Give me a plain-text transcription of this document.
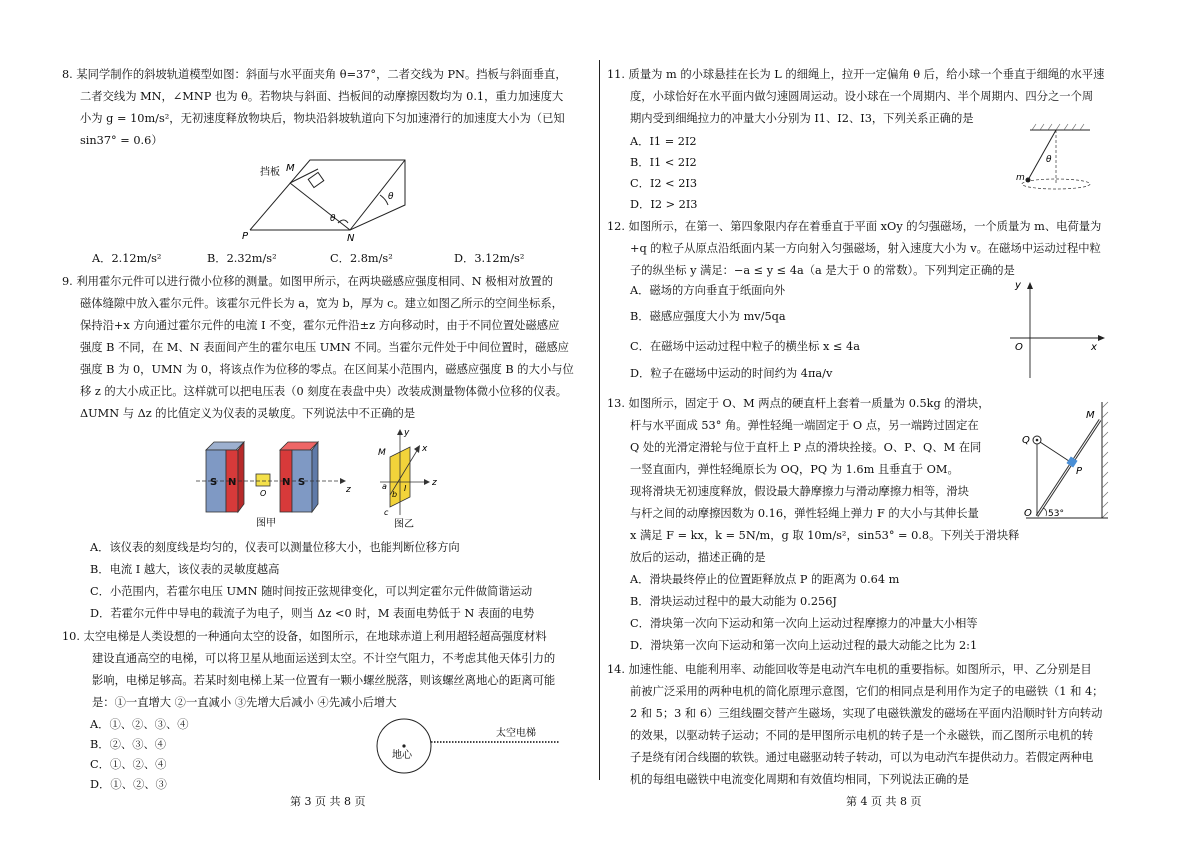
8. 某同学制作的斜坡轨道模型如图：斜面与水平面夹角 θ=37°，二者交线为 PN。挡板与斜面垂直，
二者交线为 MN，∠MNP 也为 θ。若物块与斜面、挡板间的动摩擦因数均为 0.1，重力加速度大
小为 g = 10m/s²，无初速度释放物块后，物块沿斜坡轨道向下匀加速滑行的加速度大小为（已知
sin37° = 0.6）
挡板 M
P	N
θ
θ
A．2.12m/s²	B．2.32m/s²	C．2.8m/s²	D．3.12m/s²
9. 利用霍尔元件可以进行微小位移的测量。如图甲所示，在两块磁感应强度相同、N 极相对放置的
磁体缝隙中放入霍尔元件。该霍尔元件长为 a，宽为 b，厚为 c。建立如图乙所示的空间坐标系，
保持沿+x 方向通过霍尔元件的电流 I 不变，霍尔元件沿±z 方向移动时，由于不同位置处磁感应
强度 B 不同，在 M、N 表面间产生的霍尔电压 UMN 不同。当霍尔元件处于中间位置时，磁感应
强度 B 为 0，UMN 为 0，将该点作为位移的零点。在区间某小范围内，磁感应强度 B 的大小与位
移 z 的大小成正比。这样就可以把电压表（0 刻度在表盘中央）改装成测量物体微小位移的仪表。
ΔUMN 与 Δz 的比值定义为仪表的灵敏度。下列说法中不正确的是
S N	N S
O	z
图甲
y
x
z
M
a
b
c
I
图乙
A．该仪表的刻度线是均匀的，仪表可以测量位移大小，也能判断位移方向
B．电流 I 越大，该仪表的灵敏度越高
C．小范围内，若霍尔电压 UMN 随时间按正弦规律变化，可以判定霍尔元件做简谐运动
D．若霍尔元件中导电的载流子为电子，则当 Δz <0 时，M 表面电势低于 N 表面的电势
10. 太空电梯是人类设想的一种通向太空的设备，如图所示，在地球赤道上利用超轻超高强度材料
建设直通高空的电梯，可以将卫星从地面运送到太空。不计空气阻力，不考虑其他天体引力的
影响，电梯足够高。若某时刻电梯上某一位置有一颗小螺丝脱落，则该螺丝离地心的距离可能
是：①一直增大 ②一直减小 ③先增大后减小 ④先减小后增大
A．①、②、③、④
B．②、③、④
C．①、②、④
D．①、②、③
地心
太空电梯
第 3 页 共 8 页
11. 质量为 m 的小球悬挂在长为 L 的细绳上，拉开一定偏角 θ 后，给小球一个垂直于细绳的水平速
度，小球恰好在水平面内做匀速圆周运动。设小球在一个周期内、半个周期内、四分之一个周
期内受到细绳拉力的冲量大小分别为 I1、I2、I3，下列关系正确的是
A．I1 = 2I2
B．I1 < 2I2
C．I2 < 2I3
D．I2 > 2I3
θ
m
12. 如图所示，在第一、第四象限内存在着垂直于平面 xOy 的匀强磁场，一个质量为 m、电荷量为
+q 的粒子从原点沿纸面内某一方向射入匀强磁场，射入速度大小为 v。在磁场中运动过程中粒
子的纵坐标 y 满足：−a ≤ y ≤ 4a（a 是大于 0 的常数）。下列判定正确的是
A．磁场的方向垂直于纸面向外
B．磁感应强度大小为 mv/5qa
C．在磁场中运动过程中粒子的横坐标 x ≤ 4a
D．粒子在磁场中运动的时间约为 4πa/v
y
x
O
13. 如图所示，固定于 O、M 两点的硬直杆上套着一质量为 0.5kg 的滑块，
杆与水平面成 53° 角。弹性轻绳一端固定于 O 点，另一端跨过固定在
Q 处的光滑定滑轮与位于直杆上 P 点的滑块拴接。O、P、Q、M 在同
一竖直面内，弹性轻绳原长为 OQ，PQ 为 1.6m 且垂直于 OM。
现将滑块无初速度释放，假设最大静摩擦力与滑动摩擦力相等，滑块
与杆之间的动摩擦因数为 0.16，弹性轻绳上弹力 F 的大小与其伸长量
x 满足 F = kx，k = 5N/m，g 取 10m/s²，sin53° = 0.8。下列关于滑块释
放后的运动，描述正确的是
A．滑块最终停止的位置距释放点 P 的距离为 0.64 m
B．滑块运动过程中的最大动能为 0.256J
C．滑块第一次向下运动和第一次向上运动过程摩擦力的冲量大小相等
D．滑块第一次向下运动和第一次向上运动过程的最大动能之比为 2:1
Q
O
M
P
53°
14. 加速性能、电能利用率、动能回收等是电动汽车电机的重要指标。如图所示，甲、乙分别是目
前被广泛采用的两种电机的简化原理示意图，它们的相同点是利用作为定子的电磁铁（1 和 4；
2 和 5；3 和 6）三组线圈交替产生磁场，实现了电磁铁激发的磁场在平面内沿顺时针方向转动
的效果，以驱动转子运动；不同的是甲图所示电机的转子是一个永磁铁，而乙图所示电机的转
子是绕有闭合线圈的软铁。通过电磁驱动转子转动，可以为电动汽车提供动力。若假定两种电
机的每组电磁铁中电流变化周期和有效值均相同，下列说法正确的是
第 4 页 共 8 页
